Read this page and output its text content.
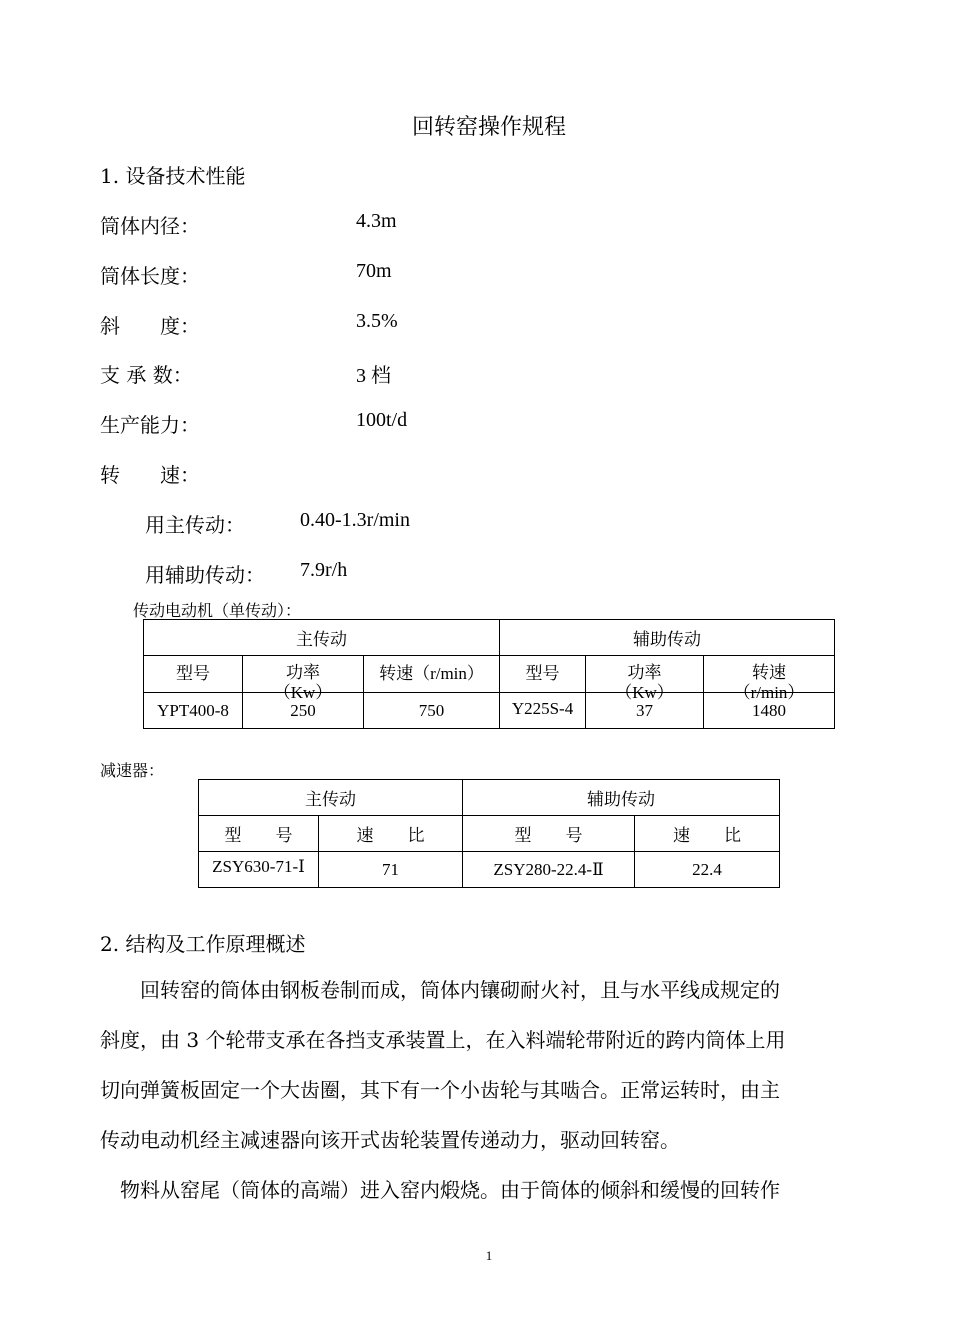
回转窑操作规程
1. 设备技术性能
筒体内径：	4.3m
筒体长度：	70m
斜　　度：	3.5%
支 承 数：	3 档
生产能力：	100t/d
转　　速：
用主传动：	0.40-1.3r/min
用辅助传动： 7.9r/h
传动电动机（单传动）：
主传动			辅助传动		

型号	功率（Kw）	转速（r/min）	型号	功率（Kw）	转速（r/min）

YPT400-8	250	750	Y225S-4	37	1480
减速器：
主传动		辅助传动	
型　　号	速　　比	型　　号	速　　比

ZSY630-71-Ⅰ	71	ZSY280-22.4-Ⅱ	22.4
2. 结构及工作原理概述

　　回转窑的筒体由钢板卷制而成，筒体内镶砌耐火衬，且与水平线成规定的

斜度，由 3 个轮带支承在各挡支承装置上，在入料端轮带附近的跨内筒体上用

切向弹簧板固定一个大齿圈，其下有一个小齿轮与其啮合。正常运转时，由主

传动电动机经主减速器向该开式齿轮装置传递动力，驱动回转窑。

　物料从窑尾（筒体的高端）进入窑内煅烧。由于筒体的倾斜和缓慢的回转作

1
